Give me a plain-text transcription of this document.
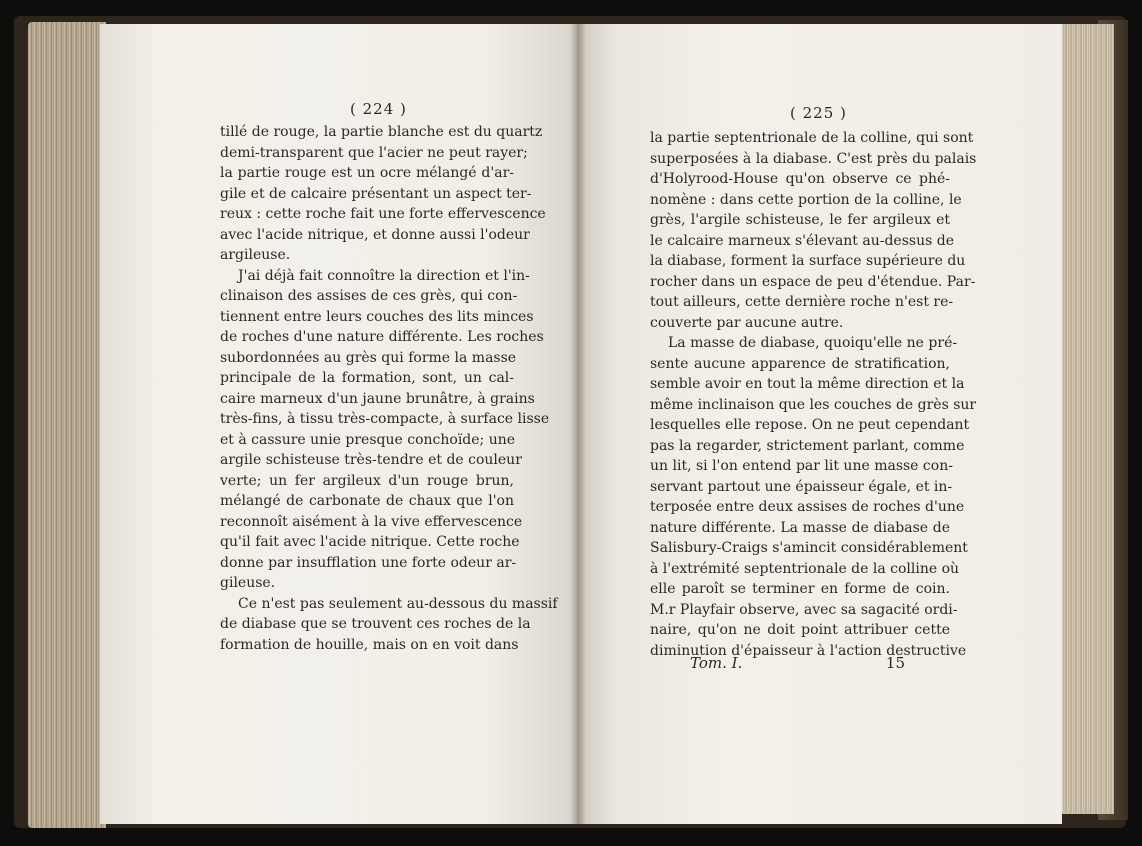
( 224 )	( 225 )
tillé de rouge, la partie blanche est du quartz
demi-transparent que l'acier ne peut rayer;
la partie rouge est un ocre mélangé d'ar-
gile et de calcaire présentant un aspect ter-
reux : cette roche fait une forte effervescence
avec l'acide nitrique, et donne aussi l'odeur
argileuse.
J'ai déjà fait connoître la direction et l'in-
clinaison des assises de ces grès, qui con-
tiennent entre leurs couches des lits minces
de roches d'une nature différente. Les roches
subordonnées au grès qui forme la masse
principale de la formation, sont, un cal-
caire marneux d'un jaune brunâtre, à grains
très-fins, à tissu très-compacte, à surface lisse
et à cassure unie presque conchoïde; une
argile schisteuse très-tendre et de couleur
verte; un fer argileux d'un rouge brun,
mélangé de carbonate de chaux que l'on
reconnoît aisément à la vive effervescence
qu'il fait avec l'acide nitrique. Cette roche
donne par insufflation une forte odeur ar-
gileuse.
Ce n'est pas seulement au-dessous du massif
de diabase que se trouvent ces roches de la
formation de houille, mais on en voit dans
la partie septentrionale de la colline, qui sont
superposées à la diabase. C'est près du palais
d'Holyrood-House qu'on observe ce phé-
nomène : dans cette portion de la colline, le
grès, l'argile schisteuse, le fer argileux et
le calcaire marneux s'élevant au-dessus de
la diabase, forment la surface supérieure du
rocher dans un espace de peu d'étendue. Par-
tout ailleurs, cette dernière roche n'est re-
couverte par aucune autre.
La masse de diabase, quoiqu'elle ne pré-
sente aucune apparence de stratification,
semble avoir en tout la même direction et la
même inclinaison que les couches de grès sur
lesquelles elle repose. On ne peut cependant
pas la regarder, strictement parlant, comme
un lit, si l'on entend par lit une masse con-
servant partout une épaisseur égale, et in-
terposée entre deux assises de roches d'une
nature différente. La masse de diabase de
Salisbury-Craigs s'amincit considérablement
à l'extrémité septentrionale de la colline où
elle paroît se terminer en forme de coin.
M.r Playfair observe, avec sa sagacité ordi-
naire, qu'on ne doit point attribuer cette
diminution d'épaisseur à l'action destructive
Tom. I.	15
